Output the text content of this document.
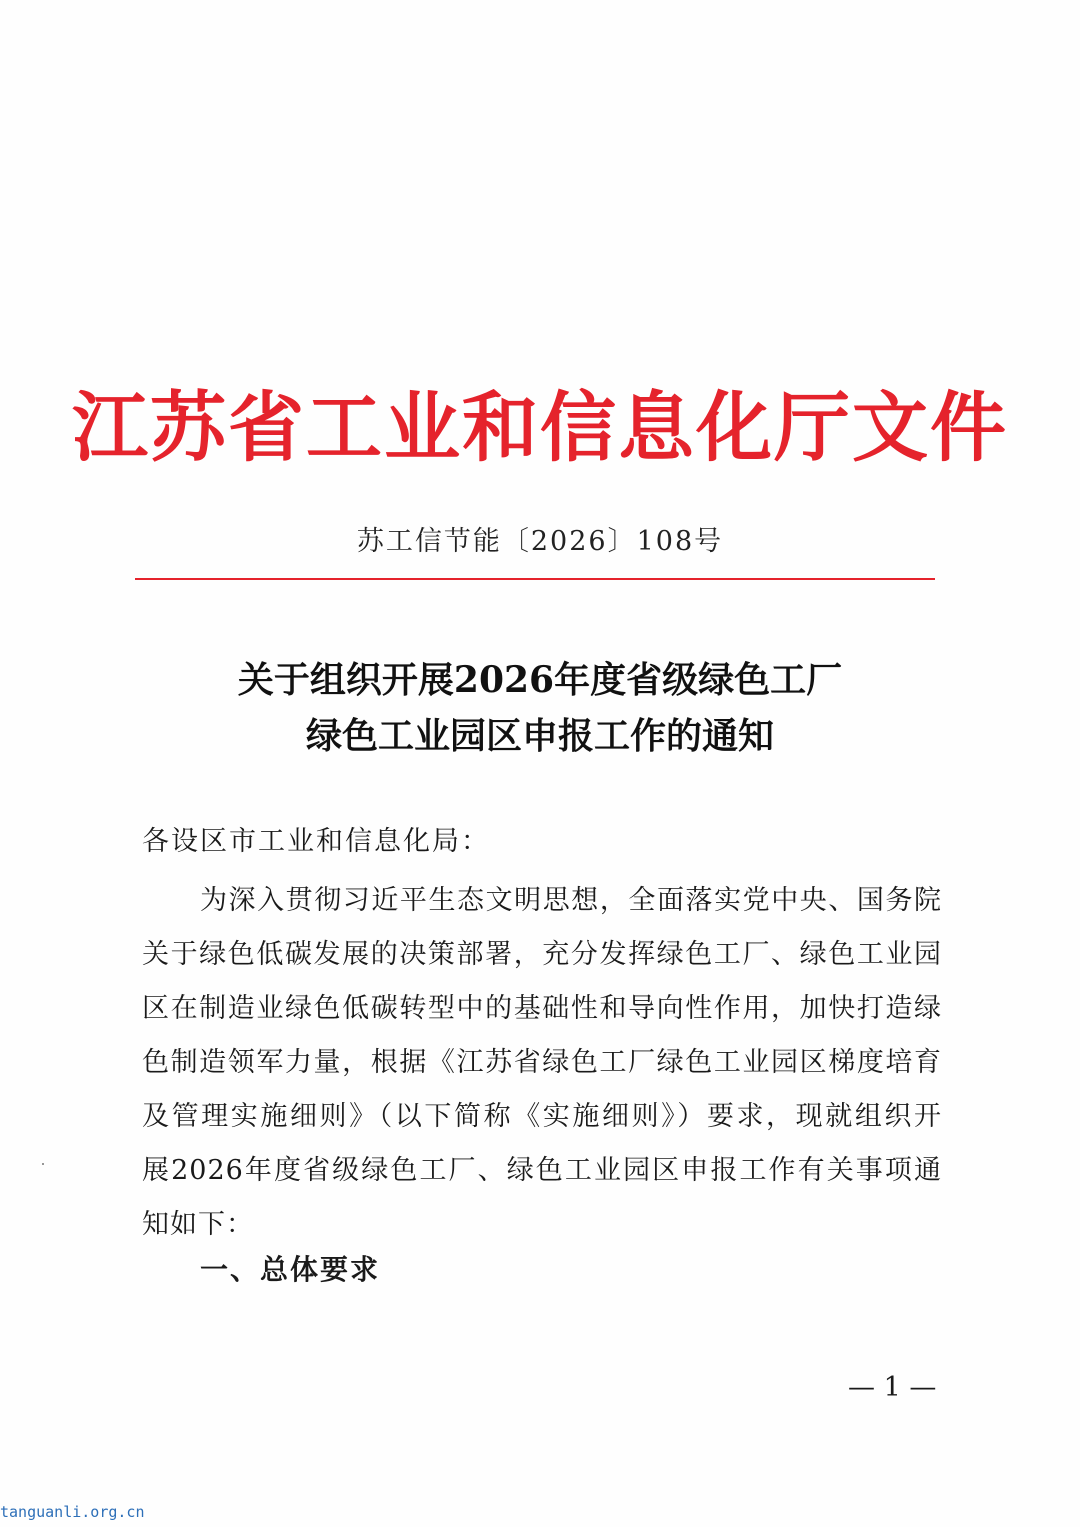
江苏省工业和信息化厅文件
苏工信节能〔2026〕108号
关于组织开展2026年度省级绿色工厂
绿色工业园区申报工作的通知
各设区市工业和信息化局：
为深入贯彻习近平生态文明思想，全面落实党中央、国务院
关于绿色低碳发展的决策部署，充分发挥绿色工厂、绿色工业园
区在制造业绿色低碳转型中的基础性和导向性作用，加快打造绿
色制造领军力量，根据《江苏省绿色工厂绿色工业园区梯度培育
及管理实施细则》（以下简称《实施细则》）要求，现就组织开
展2026年度省级绿色工厂、绿色工业园区申报工作有关事项通
知如下：
一、总体要求
— 1 —
tanguanli.org.cn
